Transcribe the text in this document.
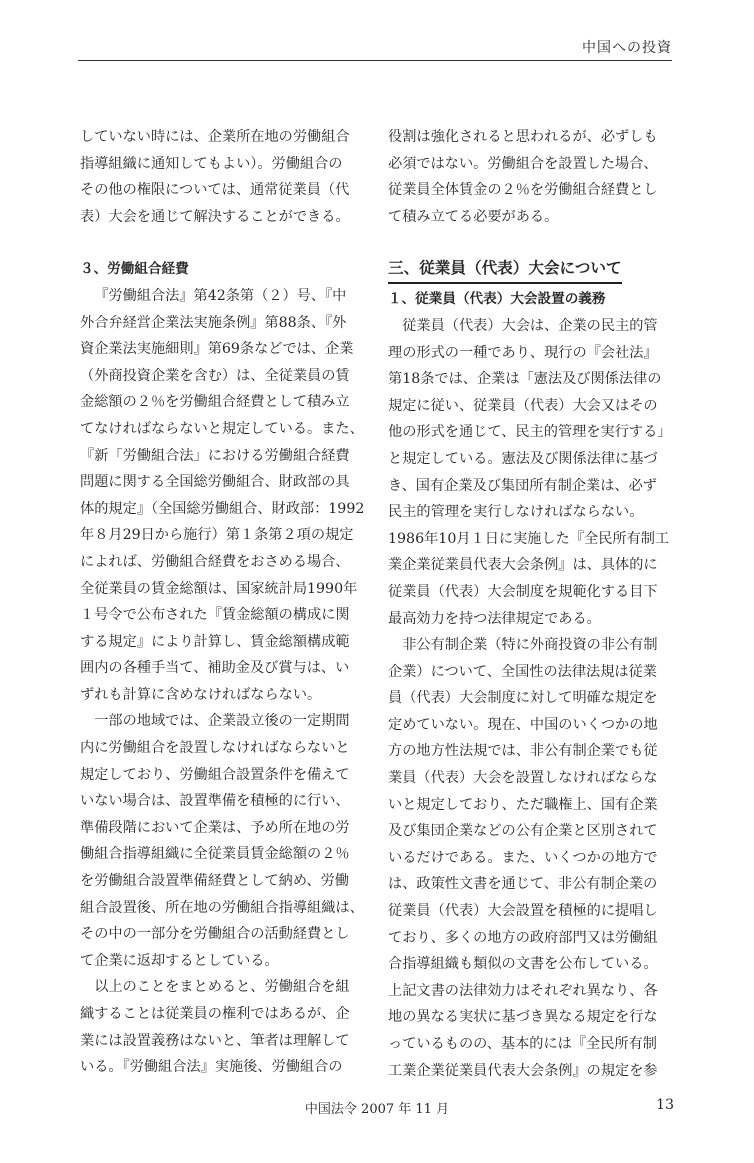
中国への投資
していない時には、企業所在地の労働組合
指導組織に通知してもよい）。労働組合の
その他の権限については、通常従業員（代
表）大会を通じて解決することができる。
３、労働組合経費
『労働組合法』第42条第（２）号、『中
外合弁経営企業法実施条例』第88条、『外
資企業法実施細則』第69条などでは、企業
（外商投資企業を含む）は、全従業員の賃
金総額の２％を労働組合経費として積み立
てなければならないと規定している。また、
『新「労働組合法」における労働組合経費
問題に関する全国総労働組合、財政部の具
体的規定』（全国総労働組合、財政部：1992
年８月29日から施行）第１条第２項の規定
によれば、労働組合経費をおさめる場合、
全従業員の賃金総額は、国家統計局1990年
１号令で公布された『賃金総額の構成に関
する規定』により計算し、賃金総額構成範
囲内の各種手当て、補助金及び賞与は、い
ずれも計算に含めなければならない。
一部の地域では、企業設立後の一定期間
内に労働組合を設置しなければならないと
規定しており、労働組合設置条件を備えて
いない場合は、設置準備を積極的に行い、
準備段階において企業は、予め所在地の労
働組合指導組織に全従業員賃金総額の２％
を労働組合設置準備経費として納め、労働
組合設置後、所在地の労働組合指導組織は、
その中の一部分を労働組合の活動経費とし
て企業に返却するとしている。
以上のことをまとめると、労働組合を組
織することは従業員の権利ではあるが、企
業には設置義務はないと、筆者は理解して
いる。『労働組合法』実施後、労働組合の
役割は強化されると思われるが、必ずしも
必須ではない。労働組合を設置した場合、
従業員全体賃金の２％を労働組合経費とし
て積み立てる必要がある。
三、従業員（代表）大会について
１、従業員（代表）大会設置の義務
従業員（代表）大会は、企業の民主的管
理の形式の一種であり、現行の『会社法』
第18条では、企業は「憲法及び関係法律の
規定に従い、従業員（代表）大会又はその
他の形式を通じて、民主的管理を実行する」
と規定している。憲法及び関係法律に基づ
き、国有企業及び集団所有制企業は、必ず
民主的管理を実行しなければならない。
1986年10月１日に実施した『全民所有制工
業企業従業員代表大会条例』は、具体的に
従業員（代表）大会制度を規範化する目下
最高効力を持つ法律規定である。
非公有制企業（特に外商投資の非公有制
企業）について、全国性の法律法規は従業
員（代表）大会制度に対して明確な規定を
定めていない。現在、中国のいくつかの地
方の地方性法規では、非公有制企業でも従
業員（代表）大会を設置しなければならな
いと規定しており、ただ職権上、国有企業
及び集団企業などの公有企業と区別されて
いるだけである。また、いくつかの地方で
は、政策性文書を通じて、非公有制企業の
従業員（代表）大会設置を積極的に提唱し
ており、多くの地方の政府部門又は労働組
合指導組織も類似の文書を公布している。
上記文書の法律効力はそれぞれ異なり、各
地の異なる実状に基づき異なる規定を行な
っているものの、基本的には『全民所有制
工業企業従業員代表大会条例』の規定を参
中国法令 2007 年 11 月	13
